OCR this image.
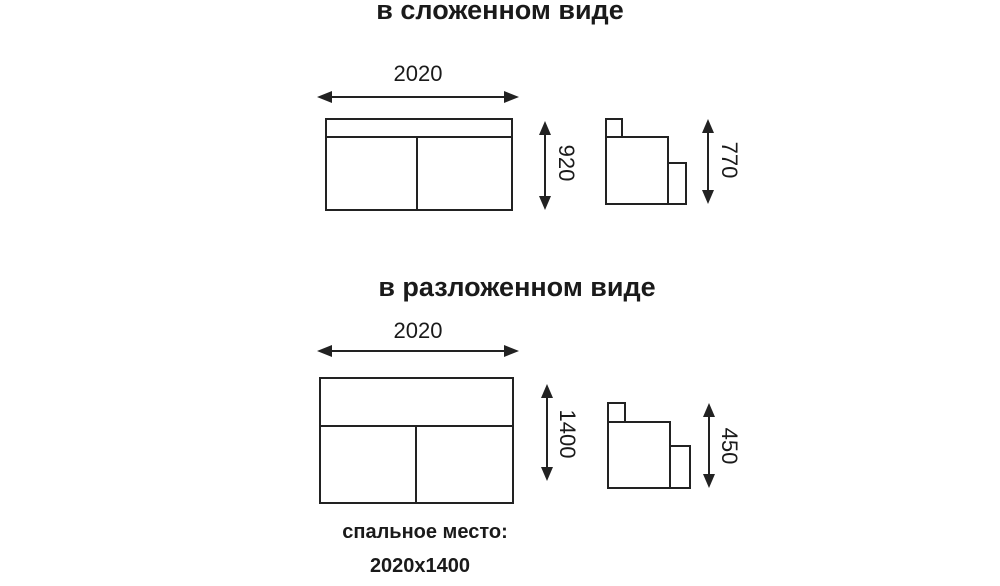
в сложенном виде
2020
920	770
в разложенном виде
2020
1400	450
спальное место:
2020х1400
